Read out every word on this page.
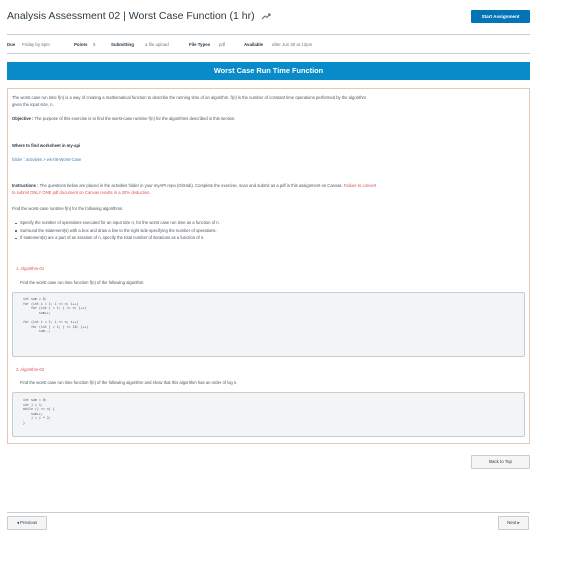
Analysis Assessment 02 | Worst Case Function (1 hr)	Start Assignment
Due Friday by 6pm	Points 5	Submitting	a file upload	File Types pdf	Available after Jun 30 at 12pm
Worst Case Run Time Function
The worst case run time f(n) is a way of creating a mathematical function to describe the running time of an algorithm. f(n) is the number of constant time operations performed by the algorithm
given the input size, n.
Objective : The purpose of this exercise is to find the worst-case runtime f(n) for the algorithms described in this section.
Where to find worksheet in my-api
folder : activities > wk-08-Worst-Case
Instructions : The questions below are placed in the activities folder in your myAPI repo (GitHub). Complete the exercise, scan and submit as a pdf in this assignment on Canvas. Failure to convert
to submit ONLY ONE pdf document on Canvas results in a 20% deduction.
Find the worst-case runtime f(n) for the following algorithms.
Specify the number of operations executed for an input size n, for the worst case run time as a function of n.
Surround the statement(s) with a box and draw a line to the right side specifying the number of operations.
If statement(s) are a part of an iteration of n, specify the total number of iterations as a function of n.
1. Algorithm-01
Find the worst case run time function f(n) of the following algorithm.
int sum = 0;
for (int i = 1; i <= n; i++)
for (int j = 1; j <= n; j++)
sum++;
for (int i = 1; i <= n; i++)
for (int j = 1; j <= 10; j++)
sum--;
2. Algorithm-02
Find the worst case run time function f(n) of the following algorithm and show that this algorithm has an order of log n.
int sum = 0;
int j = 1;
while (j <= n) {
sum++;
j = j * 2;
}
Back to Top
◂ Previous	Next ▸
